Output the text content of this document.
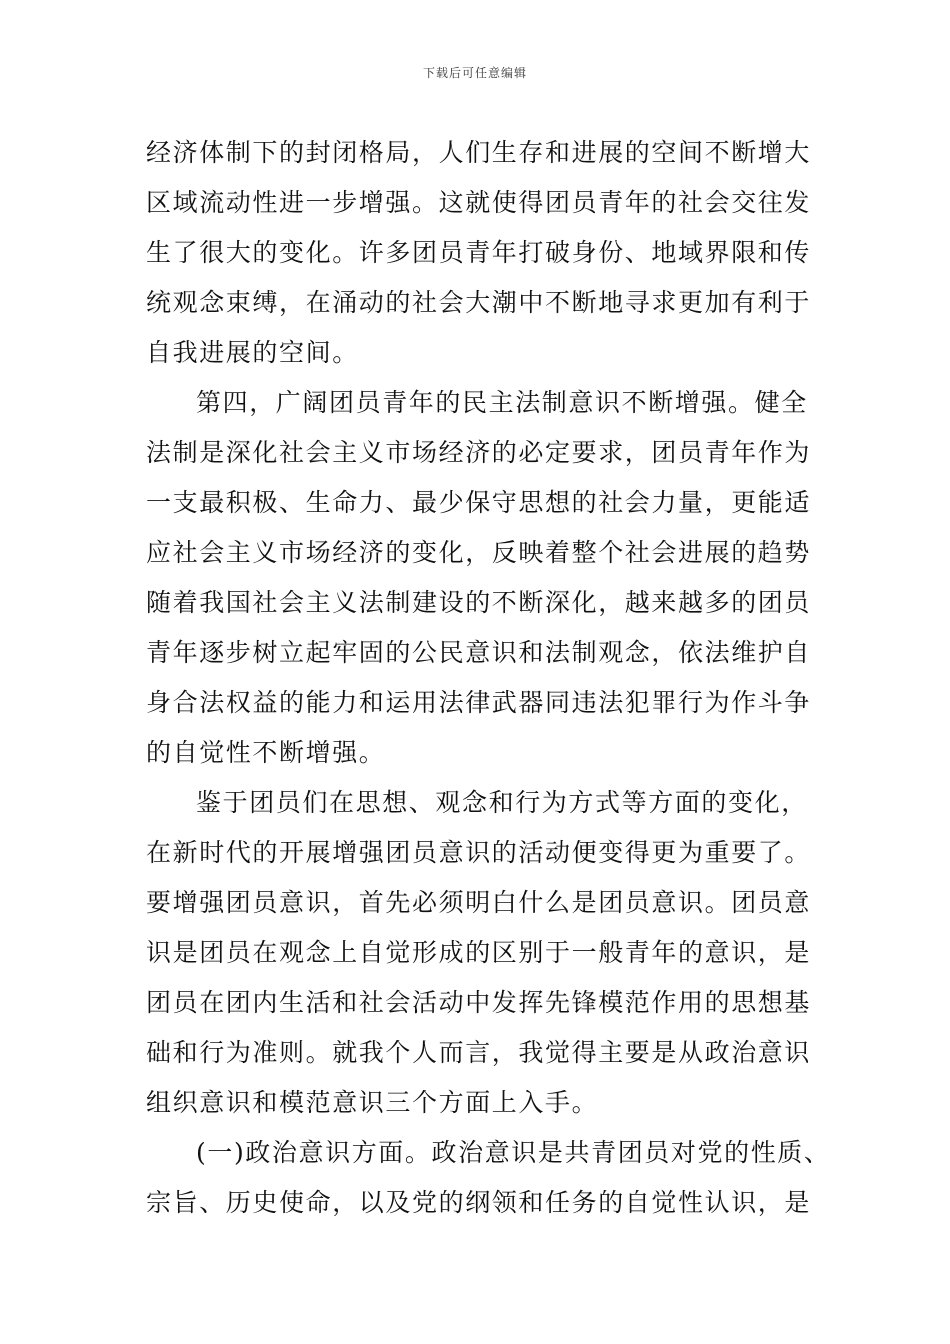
下载后可任意编辑
经济体制下的封闭格局，人们生存和进展的空间不断增大
区域流动性进一步增强。这就使得团员青年的社会交往发
生了很大的变化。许多团员青年打破身份、地域界限和传
统观念束缚，在涌动的社会大潮中不断地寻求更加有利于
自我进展的空间。
第四，广阔团员青年的民主法制意识不断增强。健全
法制是深化社会主义市场经济的必定要求，团员青年作为
一支最积极、生命力、最少保守思想的社会力量，更能适
应社会主义市场经济的变化，反映着整个社会进展的趋势
随着我国社会主义法制建设的不断深化，越来越多的团员
青年逐步树立起牢固的公民意识和法制观念，依法维护自
身合法权益的能力和运用法律武器同违法犯罪行为作斗争
的自觉性不断增强。
鉴于团员们在思想、观念和行为方式等方面的变化，
在新时代的开展增强团员意识的活动便变得更为重要了。
要增强团员意识，首先必须明白什么是团员意识。团员意
识是团员在观念上自觉形成的区别于一般青年的意识，是
团员在团内生活和社会活动中发挥先锋模范作用的思想基
础和行为准则。就我个人而言，我觉得主要是从政治意识
组织意识和模范意识三个方面上入手。
(一)政治意识方面。政治意识是共青团员对党的性质、
宗旨、历史使命，以及党的纲领和任务的自觉性认识，是
